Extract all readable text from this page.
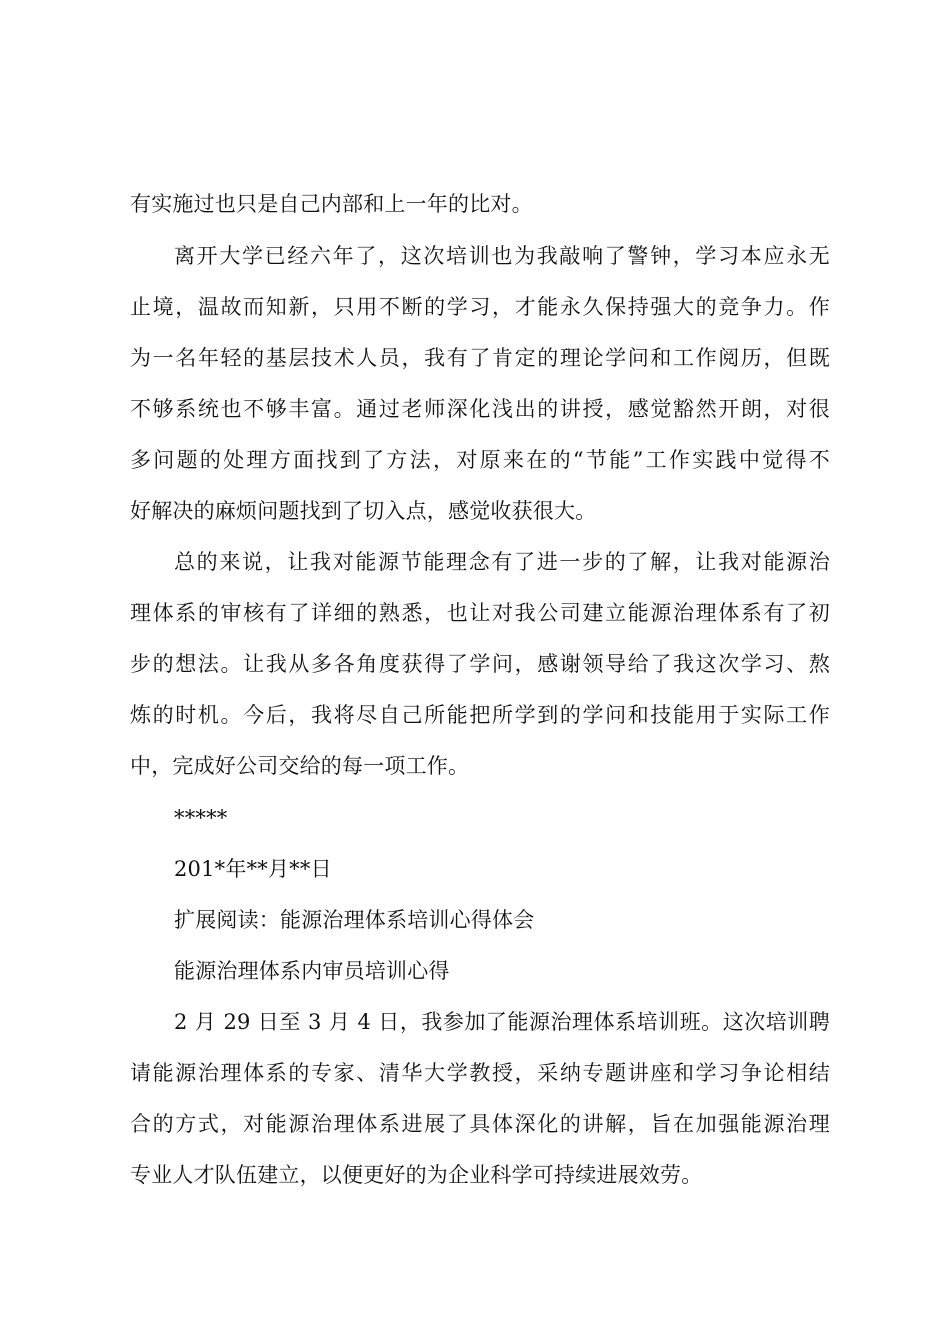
有实施过也只是自己内部和上一年的比对。
离开大学已经六年了，这次培训也为我敲响了警钟，学习本应永无
止境，温故而知新，只用不断的学习，才能永久保持强大的竞争力。作
为一名年轻的基层技术人员，我有了肯定的理论学问和工作阅历，但既
不够系统也不够丰富。通过老师深化浅出的讲授，感觉豁然开朗，对很
多问题的处理方面找到了方法，对原来在的“节能”工作实践中觉得不
好解决的麻烦问题找到了切入点，感觉收获很大。
总的来说，让我对能源节能理念有了进一步的了解，让我对能源治
理体系的审核有了详细的熟悉，也让对我公司建立能源治理体系有了初
步的想法。让我从多各角度获得了学问，感谢领导给了我这次学习、熬
炼的时机。今后，我将尽自己所能把所学到的学问和技能用于实际工作
中，完成好公司交给的每一项工作。
*****
201*年**月**日
扩展阅读：能源治理体系培训心得体会
能源治理体系内审员培训心得
2 月 29 日至 3 月 4 日，我参加了能源治理体系培训班。这次培训聘
请能源治理体系的专家、清华大学教授，采纳专题讲座和学习争论相结
合的方式，对能源治理体系进展了具体深化的讲解，旨在加强能源治理
专业人才队伍建立，以便更好的为企业科学可持续进展效劳。
